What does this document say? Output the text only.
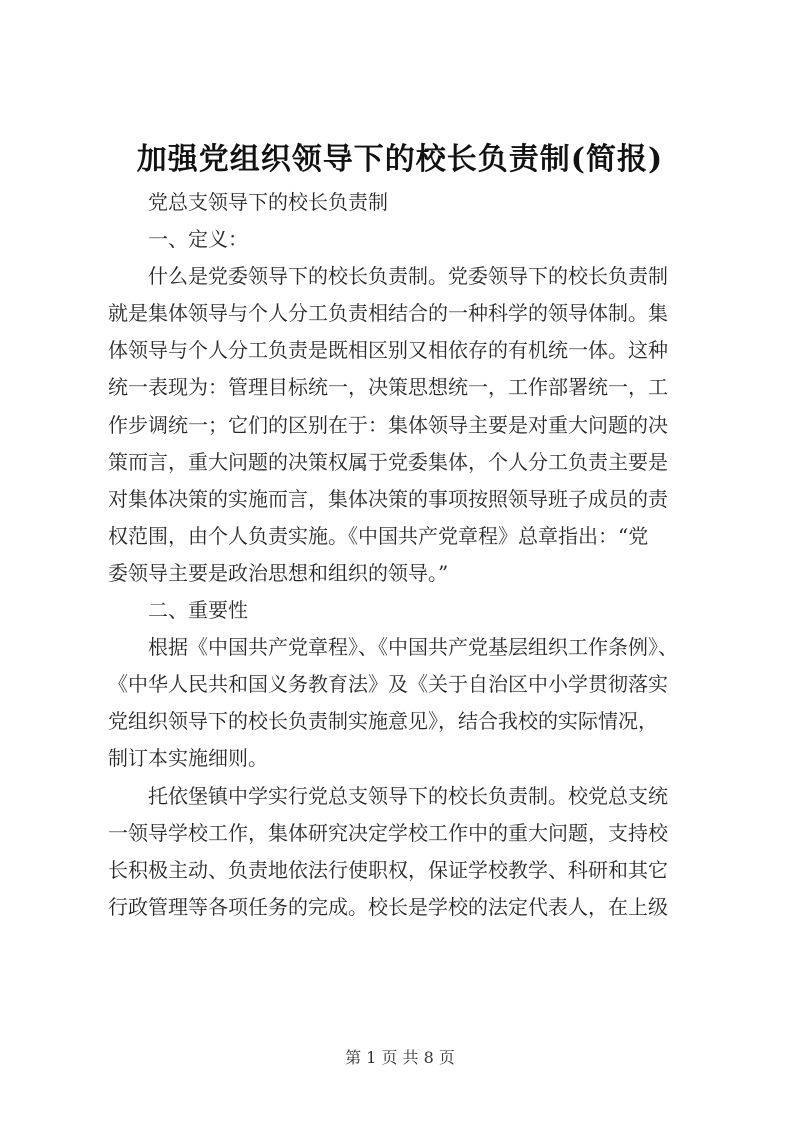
加强党组织领导下的校长负责制(简报)
党总支领导下的校长负责制
一、定义：
什么是党委领导下的校长负责制。党委领导下的校长负责制
就是集体领导与个人分工负责相结合的一种科学的领导体制。集
体领导与个人分工负责是既相区别又相依存的有机统一体。这种
统一表现为：管理目标统一，决策思想统一，工作部署统一，工
作步调统一；它们的区别在于：集体领导主要是对重大问题的决
策而言，重大问题的决策权属于党委集体，个人分工负责主要是
对集体决策的实施而言，集体决策的事项按照领导班子成员的责
权范围，由个人负责实施。《中国共产党章程》总章指出：“党
委领导主要是政治思想和组织的领导。”
二、重要性
根据《中国共产党章程》、《中国共产党基层组织工作条例》、
《中华人民共和国义务教育法》及《关于自治区中小学贯彻落实
党组织领导下的校长负责制实施意见》，结合我校的实际情况，
制订本实施细则。
托依堡镇中学实行党总支领导下的校长负责制。校党总支统
一领导学校工作，集体研究决定学校工作中的重大问题，支持校
长积极主动、负责地依法行使职权，保证学校教学、科研和其它
行政管理等各项任务的完成。校长是学校的法定代表人，在上级
第 1 页 共 8 页
